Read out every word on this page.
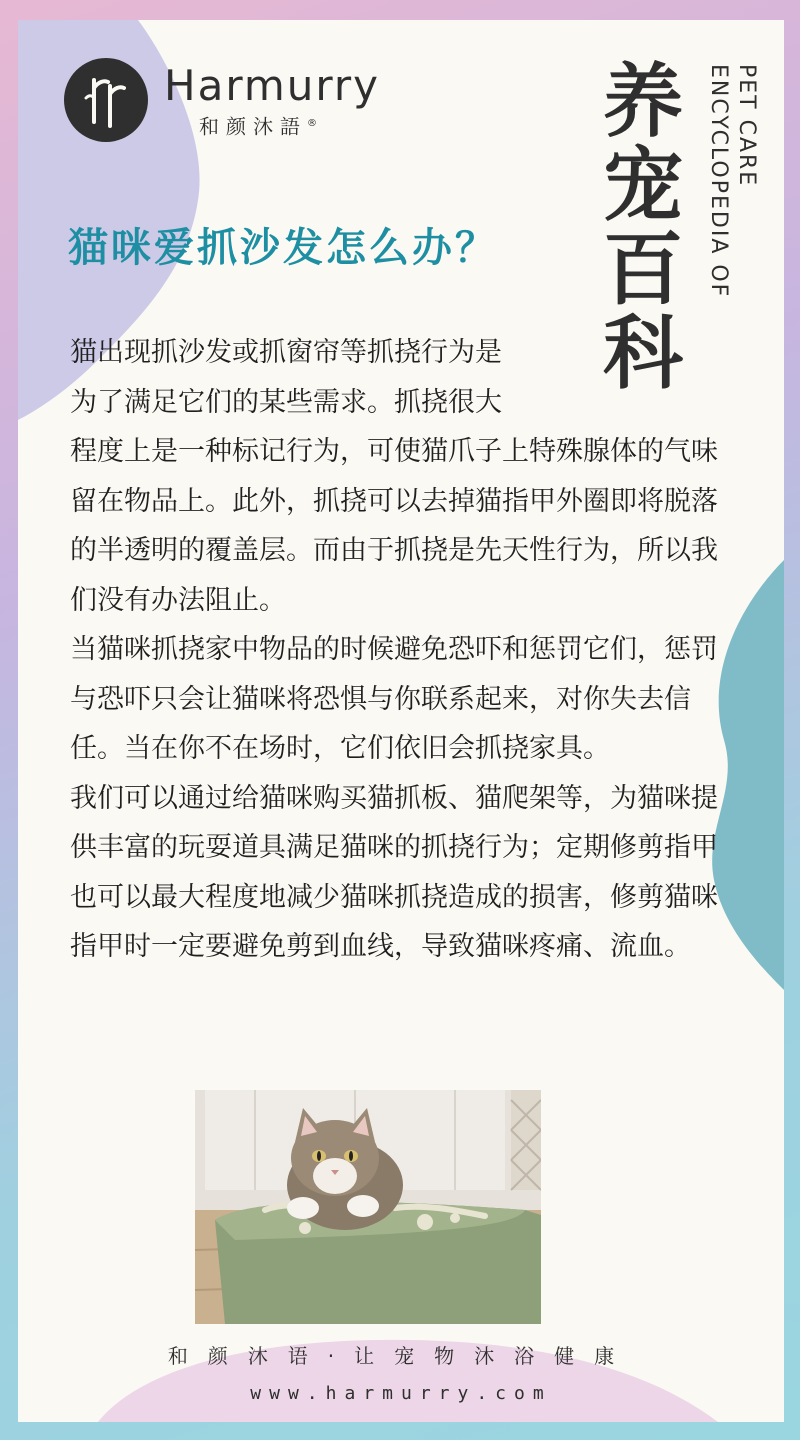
Harmurry
和颜沐語®	养
宠
百
科
PET CARE ENCYCLOPEDIA OF
猫咪爱抓沙发怎么办？
猫出现抓沙发或抓窗帘等抓挠行为是
为了满足它们的某些需求。抓挠很大
程度上是一种标记行为，可使猫爪子上特殊腺体的气味留在物品上。此外，抓挠可以去掉猫指甲外圈即将脱落的半透明的覆盖层。而由于抓挠是先天性行为，所以我们没有办法阻止。
当猫咪抓挠家中物品的时候避免恐吓和惩罚它们，惩罚与恐吓只会让猫咪将恐惧与你联系起来，对你失去信任。当在你不在场时，它们依旧会抓挠家具。
我们可以通过给猫咪购买猫抓板、猫爬架等，为猫咪提供丰富的玩耍道具满足猫咪的抓挠行为；定期修剪指甲也可以最大程度地减少猫咪抓挠造成的损害，修剪猫咪指甲时一定要避免剪到血线，导致猫咪疼痛、流血。
和颜沐语·让宠物沐浴健康
www.harmurry.com
